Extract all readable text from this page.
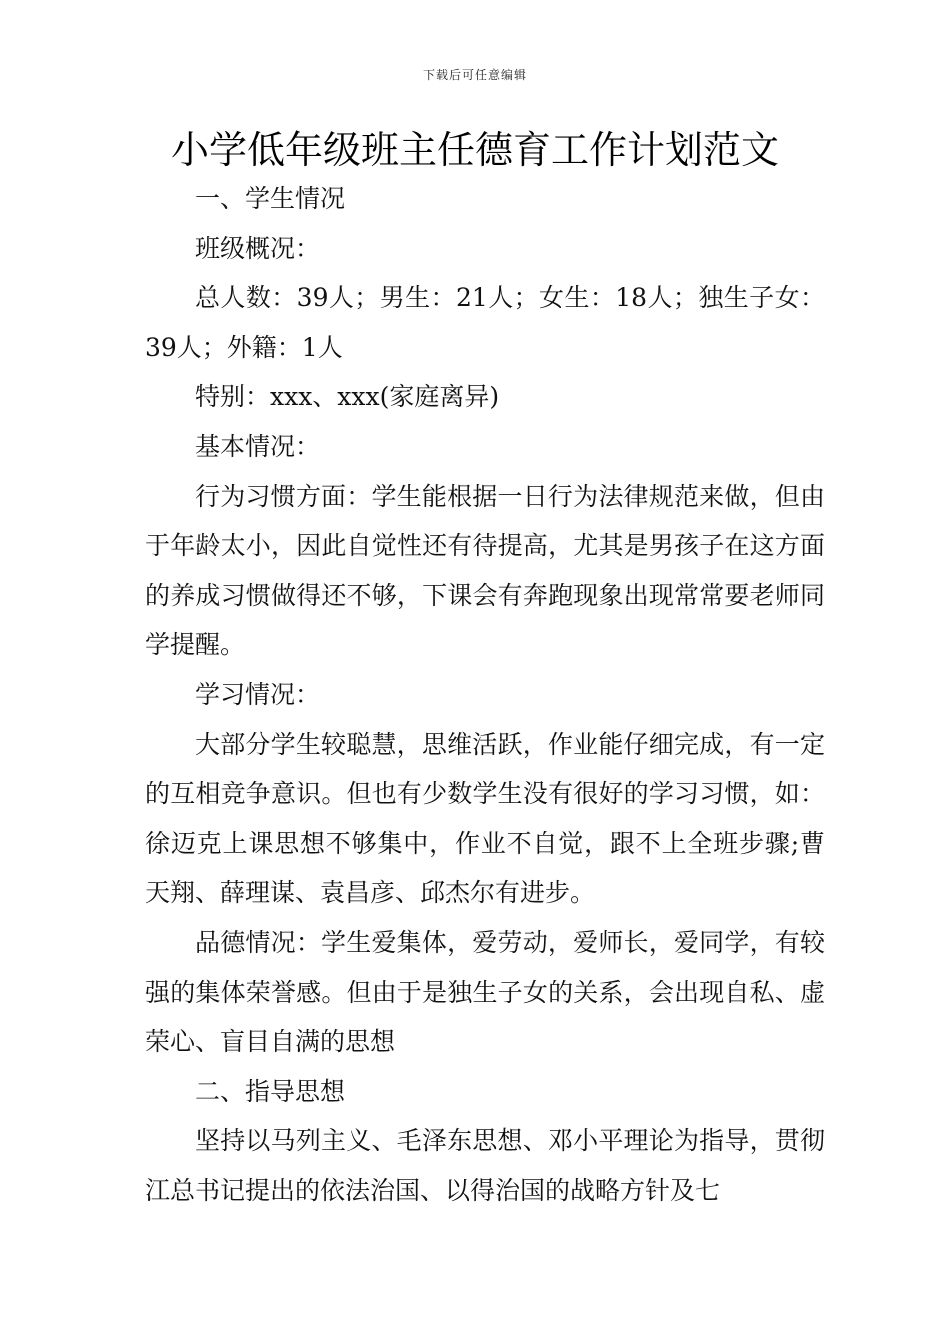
下载后可任意编辑
小学低年级班主任德育工作计划范文

一、学生情况

班级概况：

总人数：39人；男生：21人；女生：18人；独生子女：39人；外籍：1人

特别：xxx、xxx(家庭离异)

基本情况：

行为习惯方面：学生能根据一日行为法律规范来做，但由于年龄太小，因此自觉性还有待提高，尤其是男孩子在这方面的养成习惯做得还不够，下课会有奔跑现象出现常常要老师同学提醒。

学习情况：

大部分学生较聪慧，思维活跃，作业能仔细完成，有一定的互相竞争意识。但也有少数学生没有很好的学习习惯，如：徐迈克上课思想不够集中，作业不自觉，跟不上全班步骤;曹天翔、薛理谋、袁昌彦、邱杰尔有进步。

品德情况：学生爱集体，爱劳动，爱师长，爱同学，有较强的集体荣誉感。但由于是独生子女的关系，会出现自私、虚荣心、盲目自满的思想

二、指导思想

坚持以马列主义、毛泽东思想、邓小平理论为指导，贯彻江总书记提出的依法治国、以得治国的战略方针及七
